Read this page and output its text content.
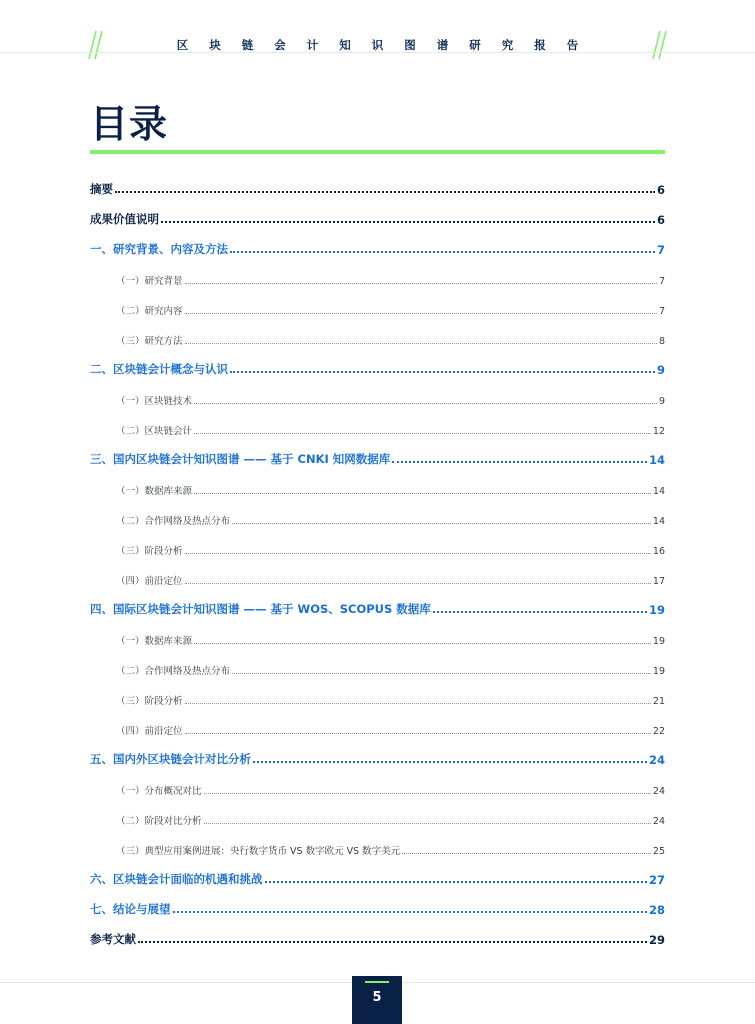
区块链会计知识图谱研究报告
目录
摘要	6
成果价值说明	6
一、研究背景、内容及方法	7
（一）研究背景	7
（二）研究内容	7
（三）研究方法	8
二、区块链会计概念与认识	9
（一）区块链技术	9
（二）区块链会计	12
三、国内区块链会计知识图谱 —— 基于 CNKI 知网数据库	14
（一）数据库来源	14
（二）合作网络及热点分布	14
（三）阶段分析	16
（四）前沿定位	17
四、国际区块链会计知识图谱 —— 基于 WOS、SCOPUS 数据库	19
（一）数据库来源	19
（二）合作网络及热点分布	19
（三）阶段分析	21
（四）前沿定位	22
五、国内外区块链会计对比分析	24
（一）分布概况对比	24
（二）阶段对比分析	24
（三）典型应用案例进展：央行数字货币 VS 数字欧元 VS 数字美元	25
六、区块链会计面临的机遇和挑战	27
七、结论与展望	28
参考文献	29
5
